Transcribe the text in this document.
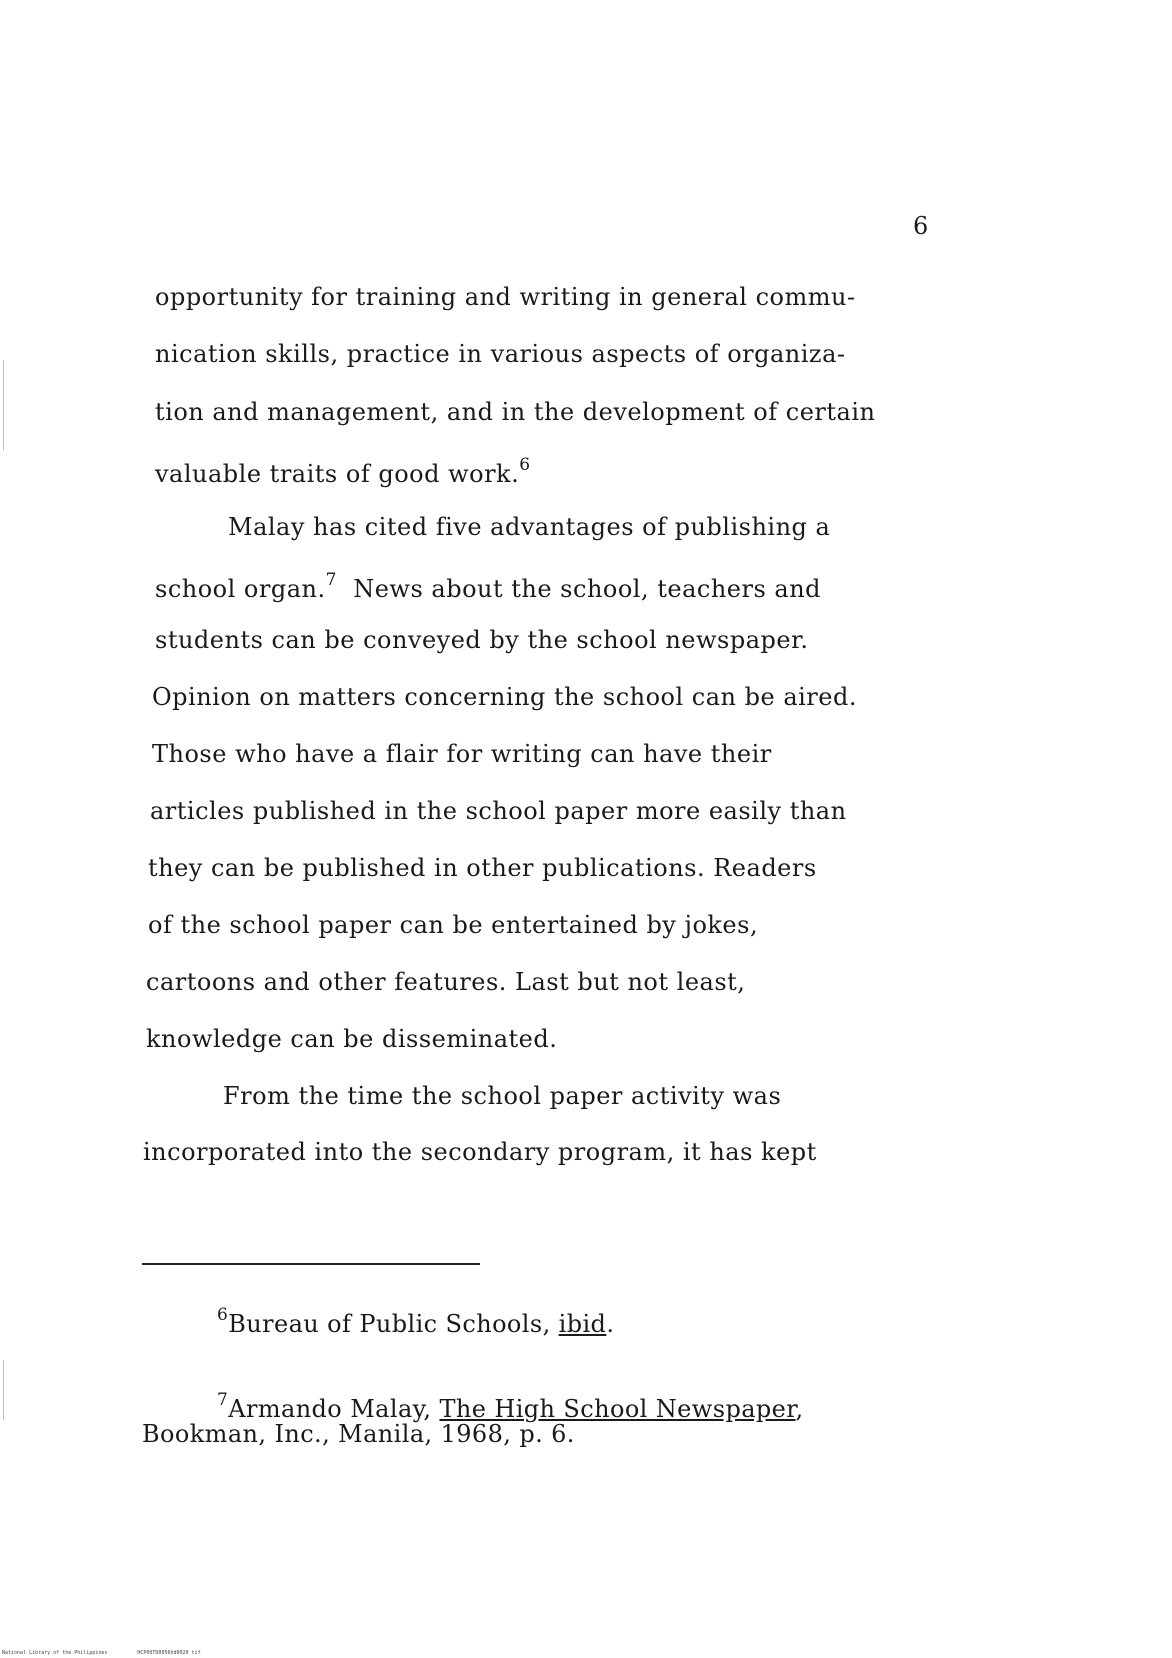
6
opportunity for training and writing in general commu-
nication skills, practice in various aspects of organiza-
tion and management, and in the development of certain
valuable traits of good work.$^6$
Malay has cited five advantages of publishing a
school organ.$^7$ News about the school, teachers and
students can be conveyed by the school newspaper.
Opinion on matters concerning the school can be aired.
Those who have a flair for writing can have their
articles published in the school paper more easily than
they can be published in other publications. Readers
of the school paper can be entertained by jokes,
cartoons and other features. Last but not least,
knowledge can be disseminated.
From the time the school paper activity was
incorporated into the secondary program, it has kept
$^6$Bureau of Public Schools, ibid.
$^7$Armando Malay, The High School Newspaper,
Bookman, Inc., Manila, 1968, p. 6.
National Library of the Philippines	HCP00TD0056hd0020 tif
